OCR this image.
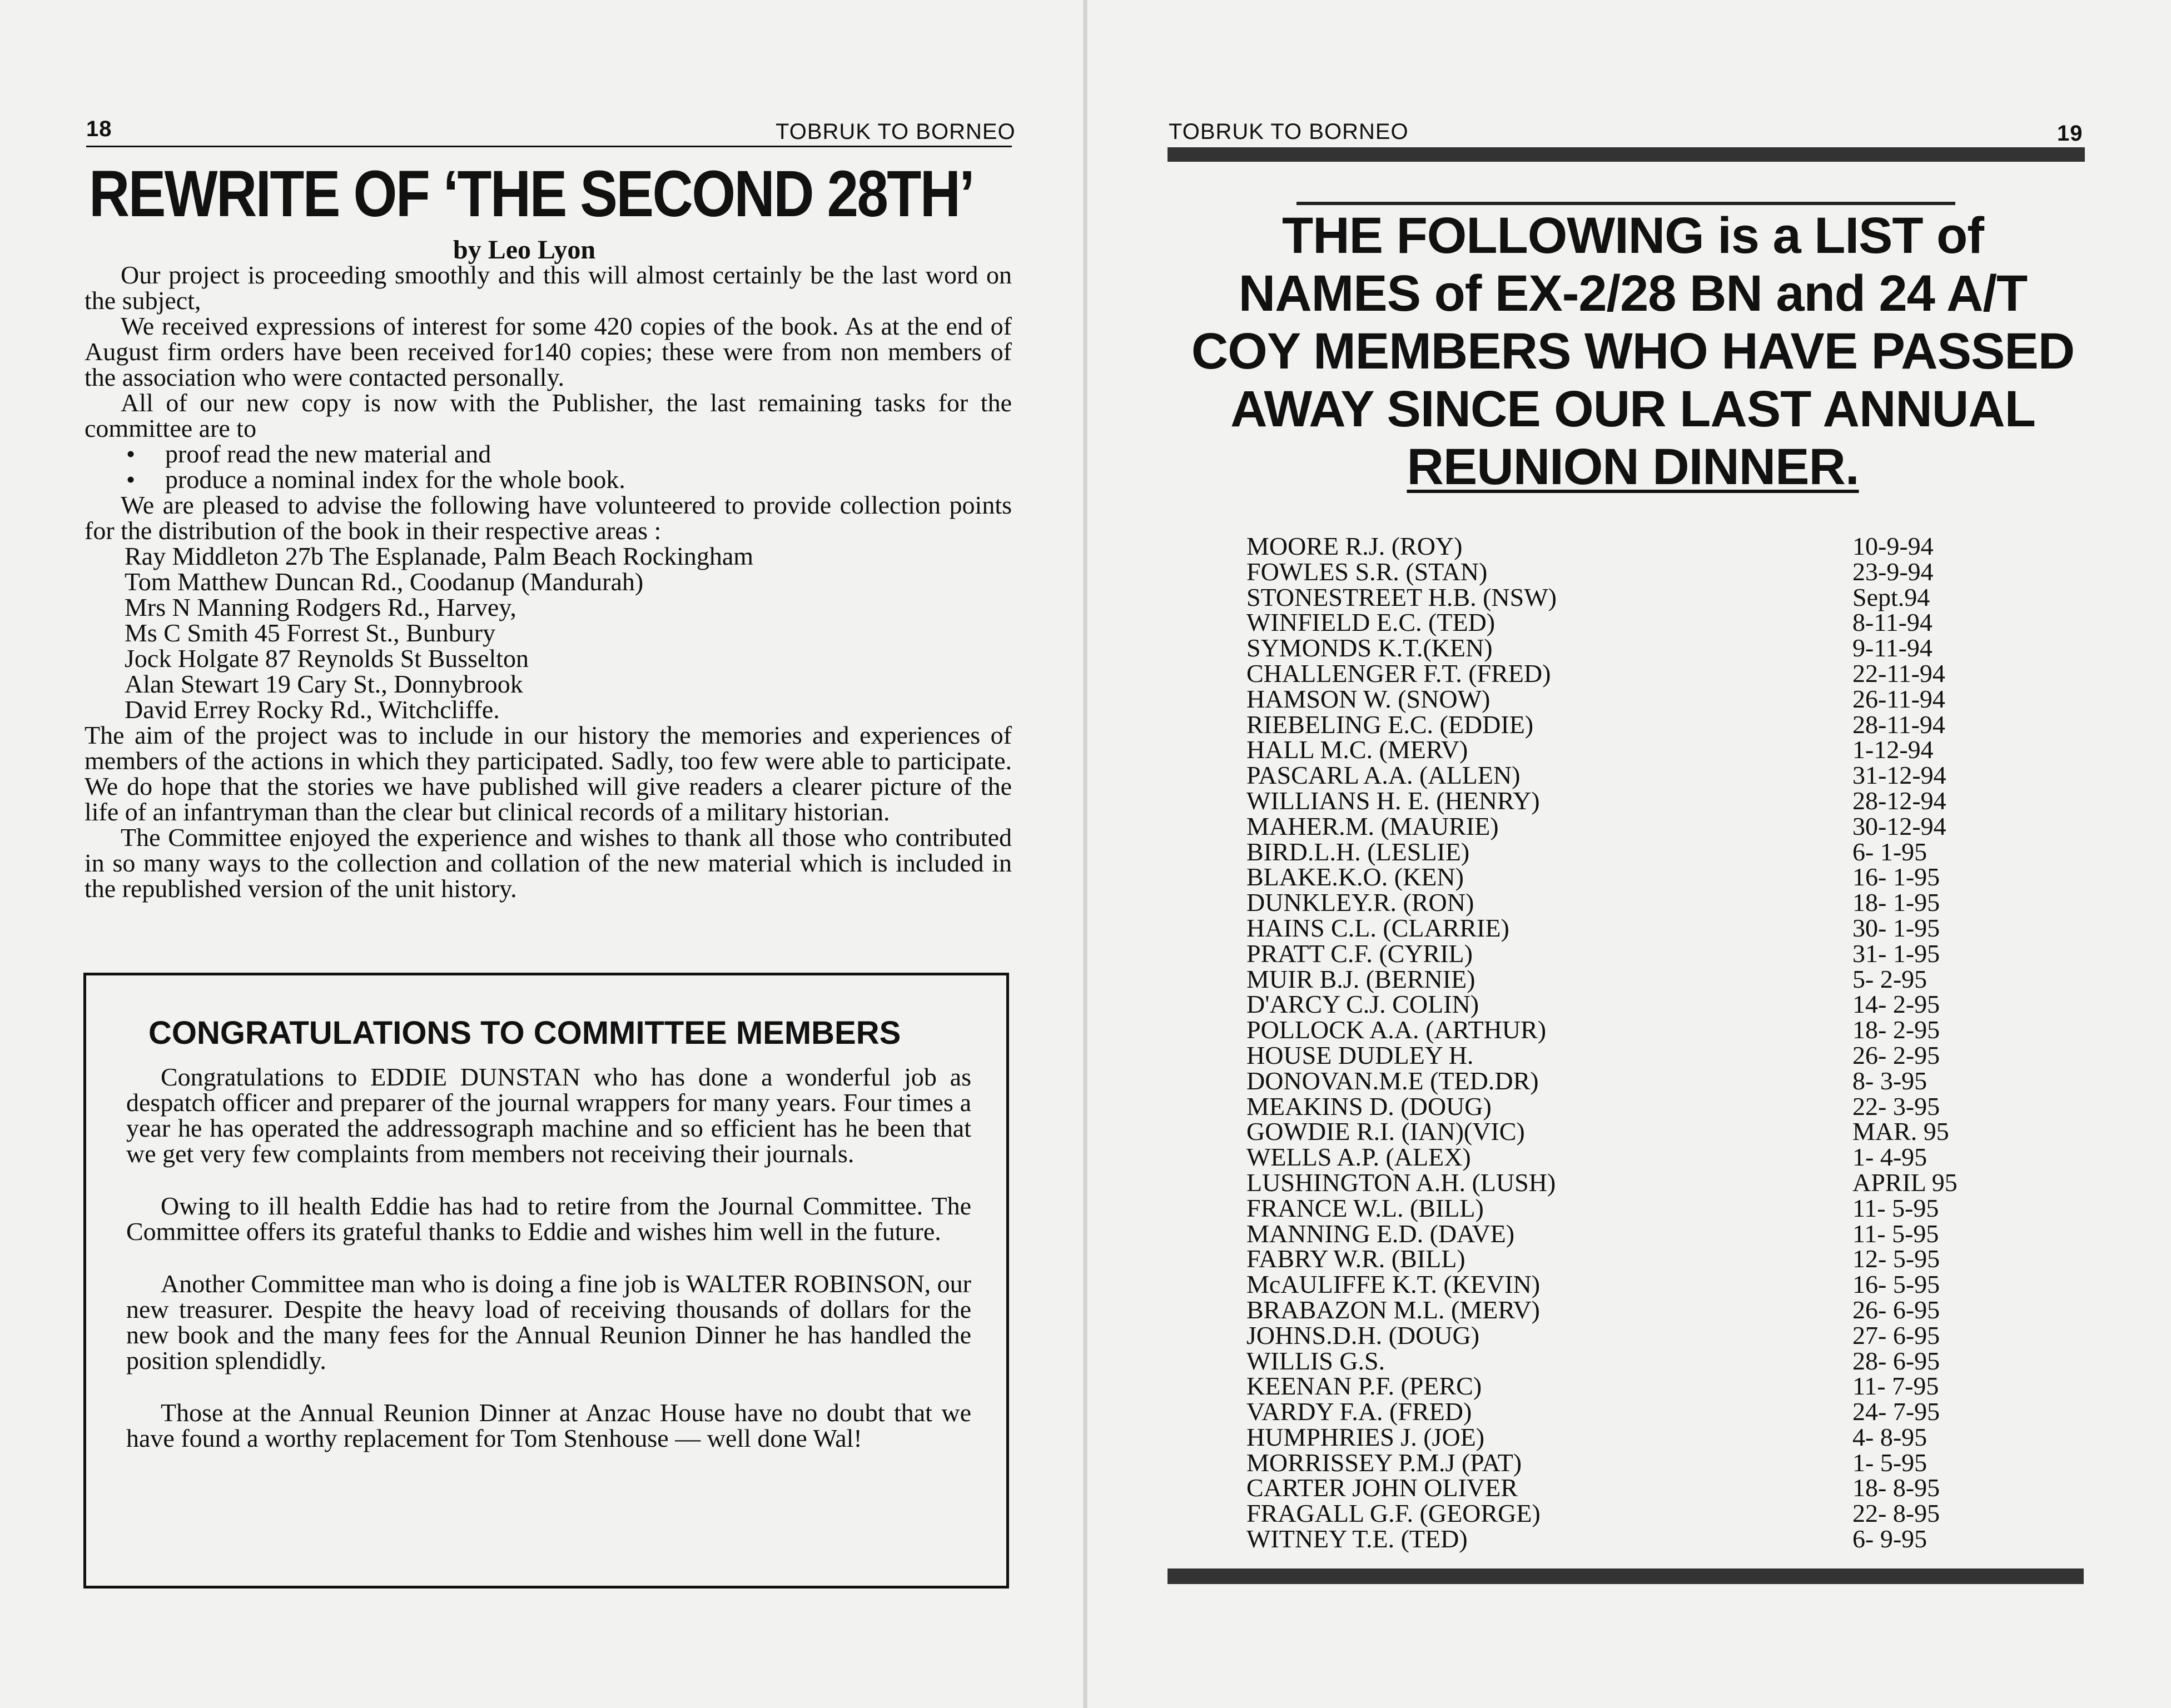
18	TOBRUK TO BORNEO
REWRITE OF ‘THE SECOND 28TH’
by Leo Lyon

Our project is proceeding smoothly and this will almost certainly be the last word on the subject,

We received expressions of interest for some 420 copies of the book. As at the end of August firm orders have been received for140 copies; these were from non members of the association who were contacted personally.

All of our new copy is now with the Publisher, the last remaining tasks for the committee are to

• proof read the new material and
• produce a nominal index for the whole book.

We are pleased to advise the following have volunteered to provide collection points for the distribution of the book in their respective areas :

Ray Middleton 27b The Esplanade, Palm Beach Rockingham
Tom Matthew Duncan Rd., Coodanup (Mandurah)
Mrs N Manning Rodgers Rd., Harvey,
Ms C Smith 45 Forrest St., Bunbury
Jock Holgate 87 Reynolds St Busselton
Alan Stewart 19 Cary St., Donnybrook
David Errey Rocky Rd., Witchcliffe.

The aim of the project was to include in our history the memories and experiences of members of the actions in which they participated. Sadly, too few were able to participate. We do hope that the stories we have published will give readers a clearer picture of the life of an infantryman than the clear but clinical records of a military historian.

The Committee enjoyed the experience and wishes to thank all those who contributed in so many ways to the collection and collation of the new material which is included in the republished version of the unit history.

CONGRATULATIONS TO COMMITTEE MEMBERS

Congratulations to EDDIE DUNSTAN who has done a wonderful job as despatch officer and preparer of the journal wrappers for many years. Four times a year he has operated the addressograph machine and so efficient has he been that we get very few complaints from members not receiving their journals.

Owing to ill health Eddie has had to retire from the Journal Committee. The Committee offers its grateful thanks to Eddie and wishes him well in the future.

Another Committee man who is doing a fine job is WALTER ROBINSON, our new treasurer. Despite the heavy load of receiving thousands of dollars for the new book and the many fees for the Annual Reunion Dinner he has handled the position splendidly.

Those at the Annual Reunion Dinner at Anzac House have no doubt that we have found a worthy replacement for Tom Stenhouse — well done Wal!

TOBRUK TO BORNEO	19
THE FOLLOWING is a LIST of
NAMES of EX-2/28 BN and 24 A/T
COY MEMBERS WHO HAVE PASSED
AWAY SINCE OUR LAST ANNUAL
REUNION DINNER.
MOORE R.J. (ROY)	10-9-94
FOWLES S.R. (STAN)	23-9-94
STONESTREET H.B. (NSW)	Sept.94
WINFIELD E.C. (TED)	8-11-94
SYMONDS K.T.(KEN)	9-11-94
CHALLENGER F.T. (FRED)	22-11-94
HAMSON W. (SNOW)	26-11-94
RIEBELING E.C. (EDDIE)	28-11-94
HALL M.C. (MERV)	1-12-94
PASCARL A.A. (ALLEN)	31-12-94
WILLIANS H. E. (HENRY)	28-12-94
MAHER.M. (MAURIE)	30-12-94
BIRD.L.H. (LESLIE)	6- 1-95
BLAKE.K.O. (KEN)	16- 1-95
DUNKLEY.R. (RON)	18- 1-95
HAINS C.L. (CLARRIE)	30- 1-95
PRATT C.F. (CYRIL)	31- 1-95
MUIR B.J. (BERNIE)	5- 2-95
D'ARCY C.J. COLIN)	14- 2-95
POLLOCK A.A. (ARTHUR)	18- 2-95
HOUSE DUDLEY H.	26- 2-95
DONOVAN.M.E (TED.DR)	8- 3-95
MEAKINS D. (DOUG)	22- 3-95
GOWDIE R.I. (IAN)(VIC)	MAR. 95
WELLS A.P. (ALEX)	1- 4-95
LUSHINGTON A.H. (LUSH)	APRIL 95
FRANCE W.L. (BILL)	11- 5-95
MANNING E.D. (DAVE)	11- 5-95
FABRY W.R. (BILL)	12- 5-95
McAULIFFE K.T. (KEVIN)	16- 5-95
BRABAZON M.L. (MERV)	26- 6-95
JOHNS.D.H. (DOUG)	27- 6-95
WILLIS G.S.	28- 6-95
KEENAN P.F. (PERC)	11- 7-95
VARDY F.A. (FRED)	24- 7-95
HUMPHRIES J. (JOE)	4- 8-95
MORRISSEY P.M.J (PAT)	1- 5-95
CARTER JOHN OLIVER	18- 8-95
FRAGALL G.F. (GEORGE)	22- 8-95
WITNEY T.E. (TED)	6- 9-95
